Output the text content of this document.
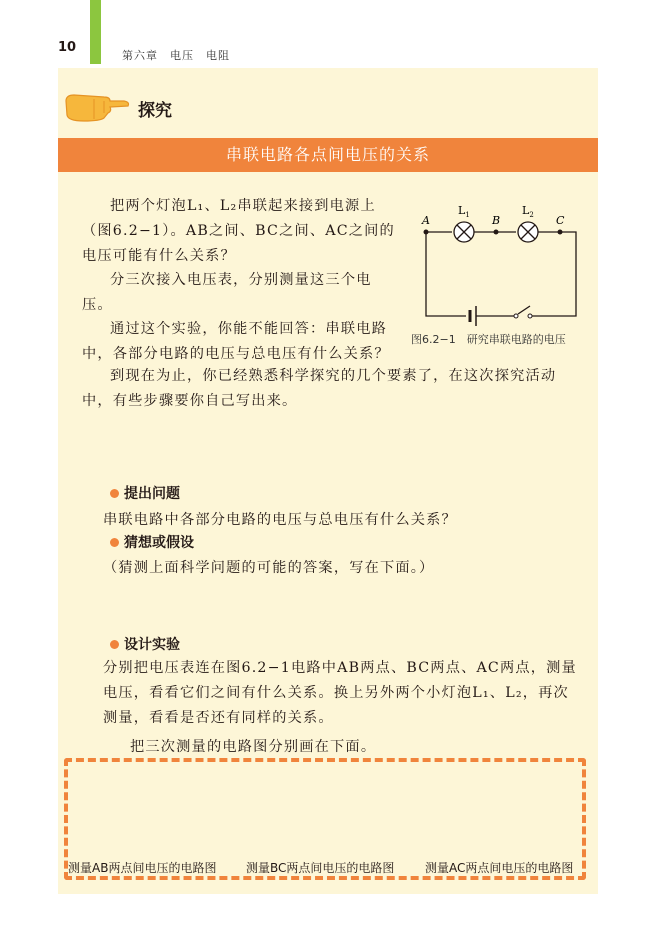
10
第六章　电压　电阻
探究
串联电路各点间电压的关系

把两个灯泡L₁、L₂串联起来接到电源上（图6.2−1）。AB之间、BC之间、AC之间的电压可能有什么关系？

分三次接入电压表，分别测量这三个电压。

通过这个实验，你能不能回答：串联电路中，各部分电路的电压与总电压有什么关系？

到现在为止，你已经熟悉科学探究的几个要素了，在这次探究活动中，有些步骤要你自己写出来。

A	B	C
$L_1$	$L_2$
图6.2−1　研究串联电路的电压
提出问题
串联电路中各部分电路的电压与总电压有什么关系？
猜想或假设
（猜测上面科学问题的可能的答案，写在下面。）
设计实验

分别把电压表连在图6.2−1电路中AB两点、BC两点、AC两点，测量电压，看看它们之间有什么关系。换上另外两个小灯泡L₁、L₂，再次测量，看看是否还有同样的关系。

把三次测量的电路图分别画在下面。
测量AB两点间电压的电路图 测量BC两点间电压的电路图	测量AC两点间电压的电路图
